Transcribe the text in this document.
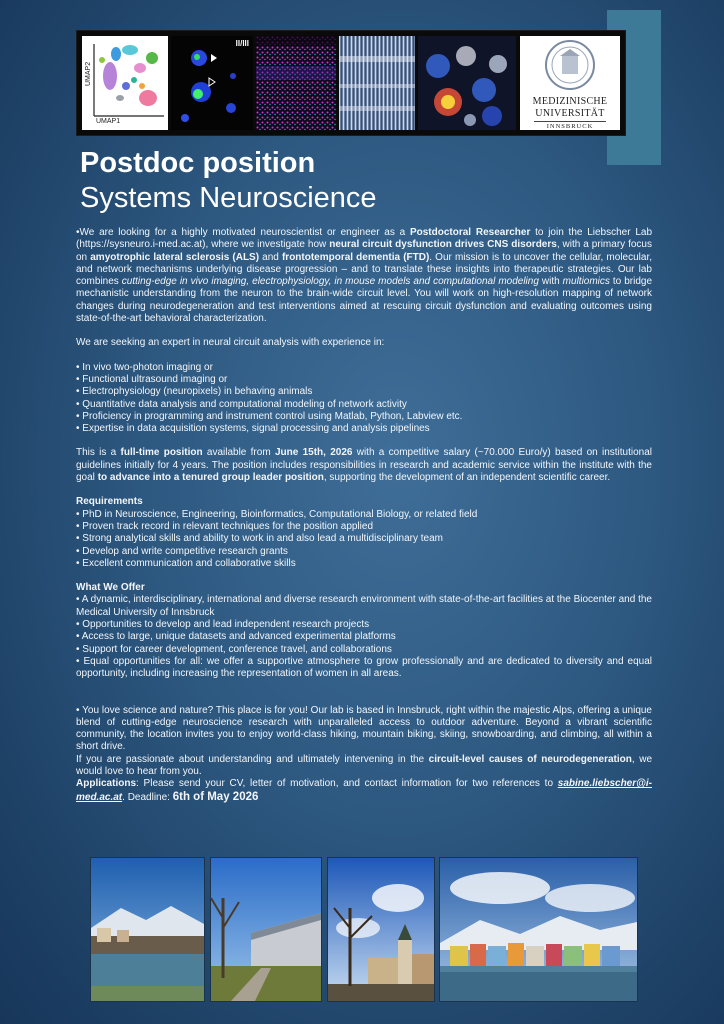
UMAP2
UMAP1
II/III
MEDIZINISCHE
UNIVERSITÄT
INNSBRUCK
Postdoc position
Systems Neuroscience

•We are looking for a highly motivated neuroscientist or engineer as a Postdoctoral Researcher to join the Liebscher Lab (https://sysneuro.i-med.ac.at), where we investigate how neural circuit dysfunction drives CNS disorders, with a primary focus on amyotrophic lateral sclerosis (ALS) and frontotemporal dementia (FTD). Our mission is to uncover the cellular, molecular, and network mechanisms underlying disease progression – and to translate these insights into therapeutic strategies. Our lab combines cutting-edge in vivo imaging, electrophysiology, in mouse models and computational modeling with multiomics to bridge mechanistic understanding from the neuron to the brain-wide circuit level. You will work on high-resolution mapping of network changes during neurodegeneration and test interventions aimed at rescuing circuit dysfunction and evaluating outcomes using state-of-the-art behavioral characterization.

We are seeking an expert in neural circuit analysis with experience in:

• In vivo two-photon imaging or
• Functional ultrasound imaging or
• Electrophysiology (neuropixels) in behaving animals
• Quantitative data analysis and computational modeling of network activity
• Proficiency in programming and instrument control using Matlab, Python, Labview etc.
• Expertise in data acquisition systems, signal processing and analysis pipelines

This is a full-time position available from June 15th, 2026 with a competitive salary (~70.000 Euro/y) based on institutional guidelines initially for 4 years. The position includes responsibilities in research and academic service within the institute with the goal to advance into a tenured group leader position, supporting the development of an independent scientific career.

Requirements
• PhD in Neuroscience, Engineering, Bioinformatics, Computational Biology, or related field
• Proven track record in relevant techniques for the position applied
• Strong analytical skills and ability to work in and also lead a multidisciplinary team
• Develop and write competitive research grants
• Excellent communication and collaborative skills
What We Offer
• A dynamic, interdisciplinary, international and diverse research environment with state-of-the-art facilities at the Biocenter and the Medical University of Innsbruck
• Opportunities to develop and lead independent research projects
• Access to large, unique datasets and advanced experimental platforms
• Support for career development, conference travel, and collaborations
• Equal opportunities for all: we offer a supportive atmosphere to grow professionally and are dedicated to diversity and equal opportunity, including increasing the representation of women in all areas.

• You love science and nature? This place is for you! Our lab is based in Innsbruck, right within the majestic Alps, offering a unique blend of cutting-edge neuroscience research with unparalleled access to outdoor adventure. Beyond a vibrant scientific community, the location invites you to enjoy world-class hiking, mountain biking, skiing, snowboarding, and climbing, all within a short drive.

If you are passionate about understanding and ultimately intervening in the circuit-level causes of neurodegeneration, we would love to hear from you.

Applications: Please send your CV, letter of motivation, and contact information for two references to sabine.liebscher@i-med.ac.at. Deadline: 6th of May 2026
